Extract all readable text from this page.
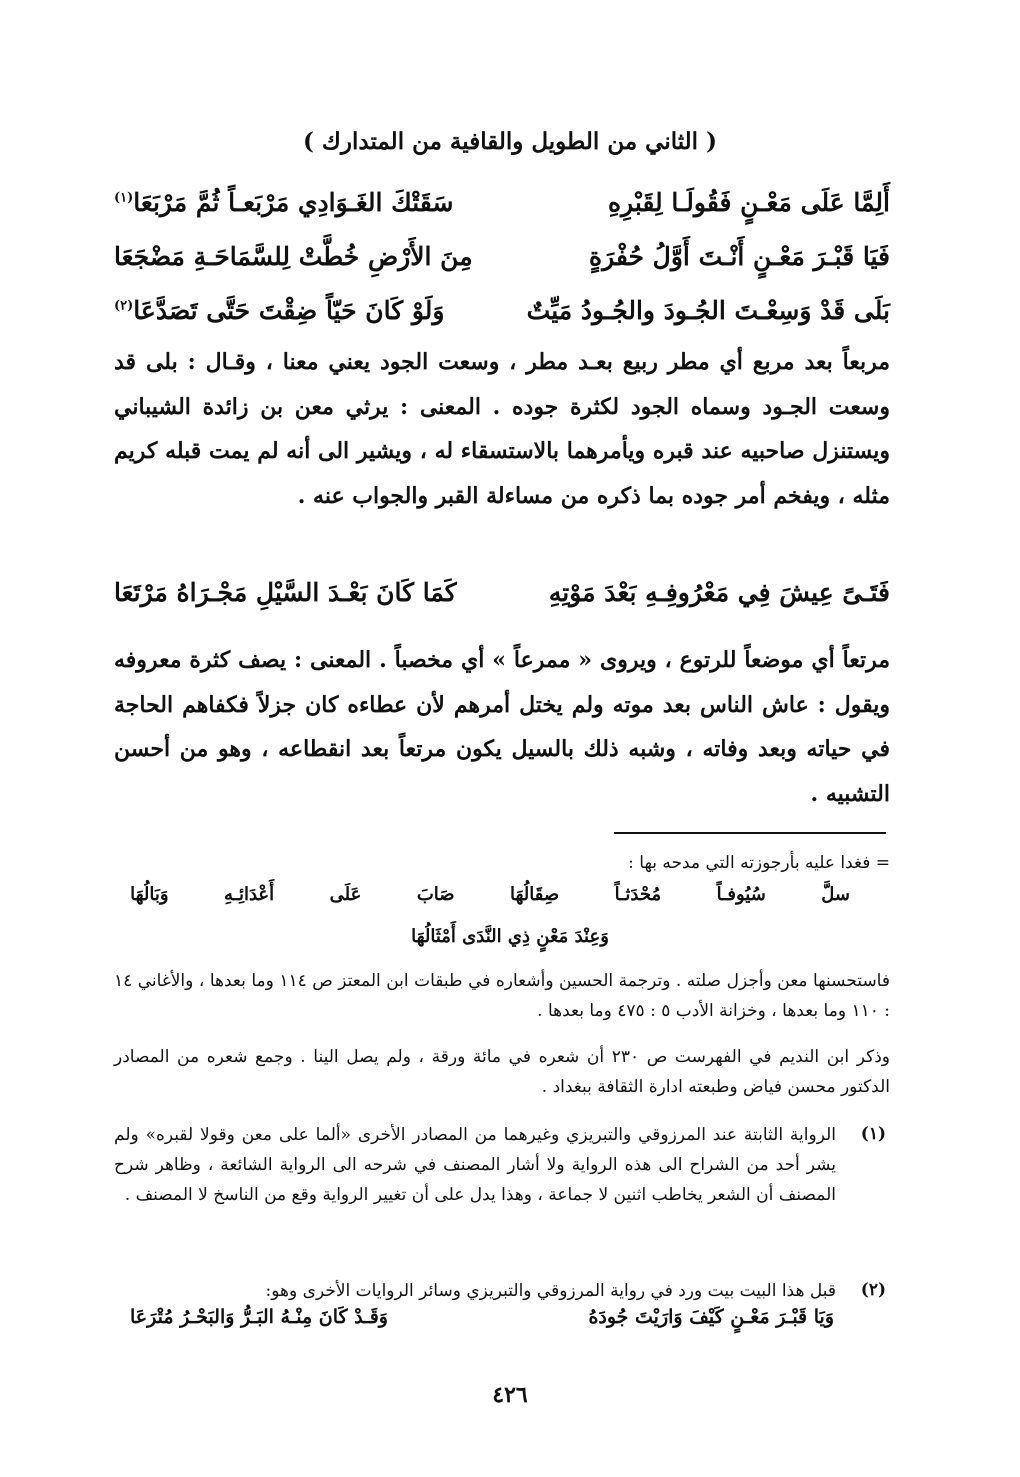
( الثاني من الطويل والقافية من المتدارك )
أَلِمَّا عَلَى مَعْـنٍ فَقُولَـا لِقَبْرِهِ
سَقَتْكَ الغَـوَادِي مَرْبَعـاً ثُمَّ مَرْبَعَا$^{(١)}$
فَيَا قَبْـرَ مَعْـنٍ أَنْـتَ أَوَّلُ حُفْرَةٍ
مِنَ الأَرْضِ خُطَّتْ لِلسَّمَاحَـةِ مَضْجَعَا
بَلَى قَدْ وَسِعْـتَ الجُـودَ والجُـودُ مَيِّتٌ
وَلَوْ كَانَ حَيّاً ضِقْتَ حَتَّى تَصَدَّعَا$^{(٢)}$
مربعاً بعد مربع أي مطر ربيع بعـد مطر ، وسعت الجود يعني معنا ، وقـال : بلى قد وسعت الجـود وسماه الجود لكثرة جوده . المعنى : يرثي معن بن زائدة الشيباني ويستنزل صاحبيه عند قبره ويأمرهما بالاستسقاء له ، ويشير الى أنه لم يمت قبله كريم مثله ، ويفخم أمر جوده بما ذكره من مساءلة القبر والجواب عنه .
فَتَـىً عِيشَ فِي مَعْرُوفِـهِ بَعْدَ مَوْتِهِ
كَمَا كَانَ بَعْـدَ السَّيْلِ مَجْـرَاهُ مَرْتَعَا
مرتعاً أي موضعاً للرتوع ، ويروى « ممرعاً » أي مخصباً . المعنى : يصف كثرة معروفه ويقول : عاش الناس بعد موته ولم يختل أمرهم لأن عطاءه كان جزلاً فكفاهم الحاجة في حياته وبعد وفاته ، وشبه ذلك بالسيل يكون مرتعاً بعد انقطاعه ، وهو من أحسن التشبيه .
= فغدا عليه بأرجوزته التي مدحه بها :
سلَّ
سُيُوفـاً
مُحْدَثـاً
صِقَالُهَا
صَابَ
عَلَى
أَعْدَائِـهِ
وَبَالُهَا
وَعِنْدَ مَعْنٍ ذِي النَّدَى أَمْثَالُهَا
فاستحسنها معن وأجزل صلته . وترجمة الحسين وأشعاره في طبقات ابن المعتز ص ١١٤ وما بعدها ، والأغاني ١٤ : ١١٠ وما بعدها ، وخزانة الأدب ٥ : ٤٧٥ وما بعدها .
وذكر ابن النديم في الفهرست ص ٢٣٠ أن شعره في مائة ورقة ، ولم يصل الينا . وجمع شعره من المصادر الدكتور محسن فياض وطبعته ادارة الثقافة ببغداد .
(١)
الرواية الثابتة عند المرزوقي والتبريزي وغيرهما من المصادر الأخرى «ألما على معن وقولا لقبره» ولم يشر أحد من الشراح الى هذه الرواية ولا أشار المصنف في شرحه الى الرواية الشائعة ، وظاهر شرح المصنف أن الشعر يخاطب اثنين لا جماعة ، وهذا يدل على أن تغيير الرواية وقع من الناسخ لا المصنف .
(٢)
قبل هذا البيت بيت ورد في رواية المرزوقي والتبريزي وسائر الروايات الأخرى وهو:
وَيَا قَبْـرَ مَعْـنٍ كَيْفَ وَارَيْتَ جُودَهُ
وَقَـدْ كَانَ مِنْـهُ البَـرُّ وَالبَحْـرُ مُتْرَعَا
٤٢٦
